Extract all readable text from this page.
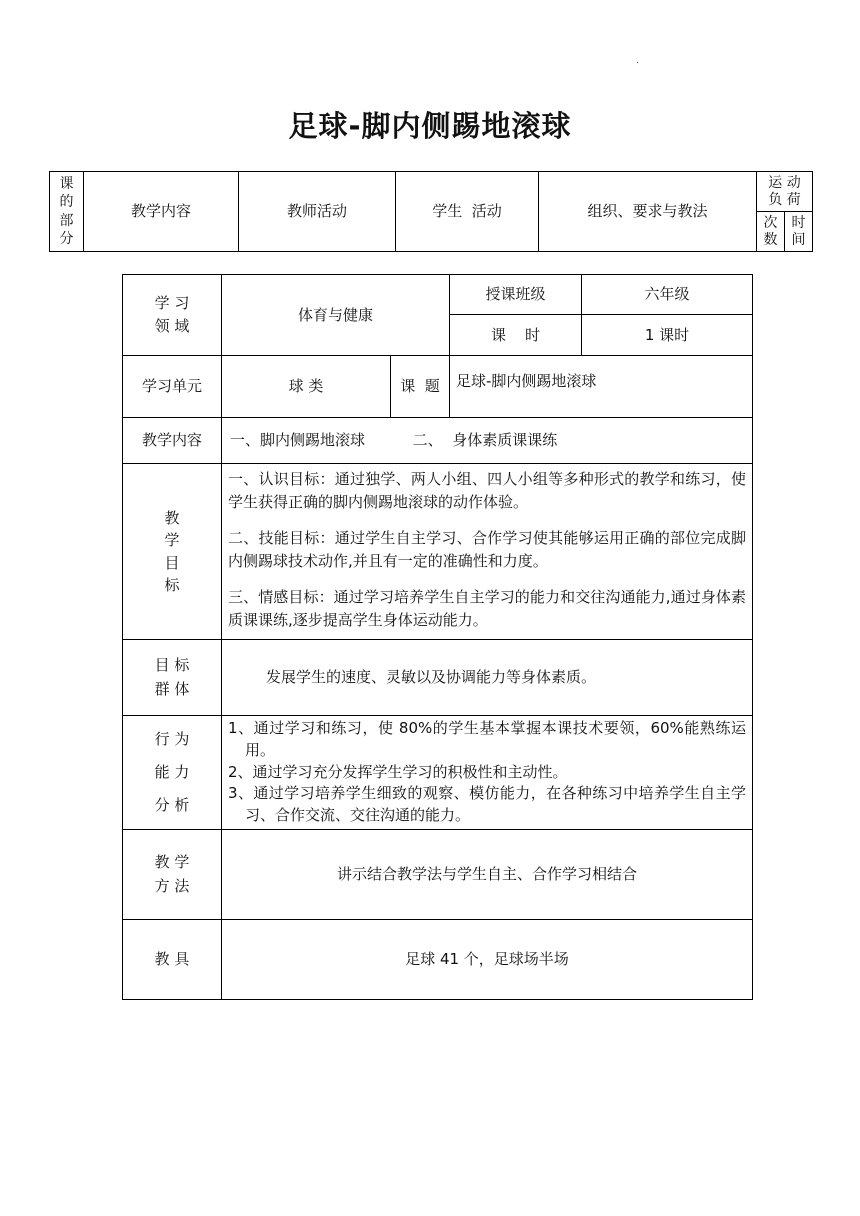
·
足球-脚内侧踢地滚球
课
的
部
分	教学内容	教师活动	学生  活动	组织、要求与教法	运 动 负 荷	
					次数	时间
学 习
领 域	体育与健康		授课班级	六年级
			课    时	1 课时
学习单元	球 类	课  题	足球-脚内侧踢地滚球	
教学内容	一、脚内侧踢地滚球          二、  身体素质课课练			
教
学
目
标	一、认识目标：通过独学、两人小组、四人小组等多种形式的教学和练习，使学生获得正确的脚内侧踢地滚球的动作体验。
二、技能目标：通过学生自主学习、合作学习使其能够运用正确的部位完成脚内侧踢球技术动作,并且有一定的准确性和力度。
三、情感目标：通过学习培养学生自主学习的能力和交往沟通能力,通过身体素质课课练,逐步提高学生身体运动能力。			

目 标
群 体	发展学生的速度、灵敏以及协调能力等身体素质。			

行 为
能 力
分 析	1、通过学习和练习，使 80%的学生基本掌握本课技术要领，60%能熟练运用。
2、通过学习充分发挥学生学习的积极性和主动性。
3、通过学习培养学生细致的观察、模仿能力，在各种练习中培养学生自主学习、合作交流、交往沟通的能力。			

教 学
方 法	讲示结合教学法与学生自主、合作学习相结合			
教 具	足球 41 个，足球场半场			
